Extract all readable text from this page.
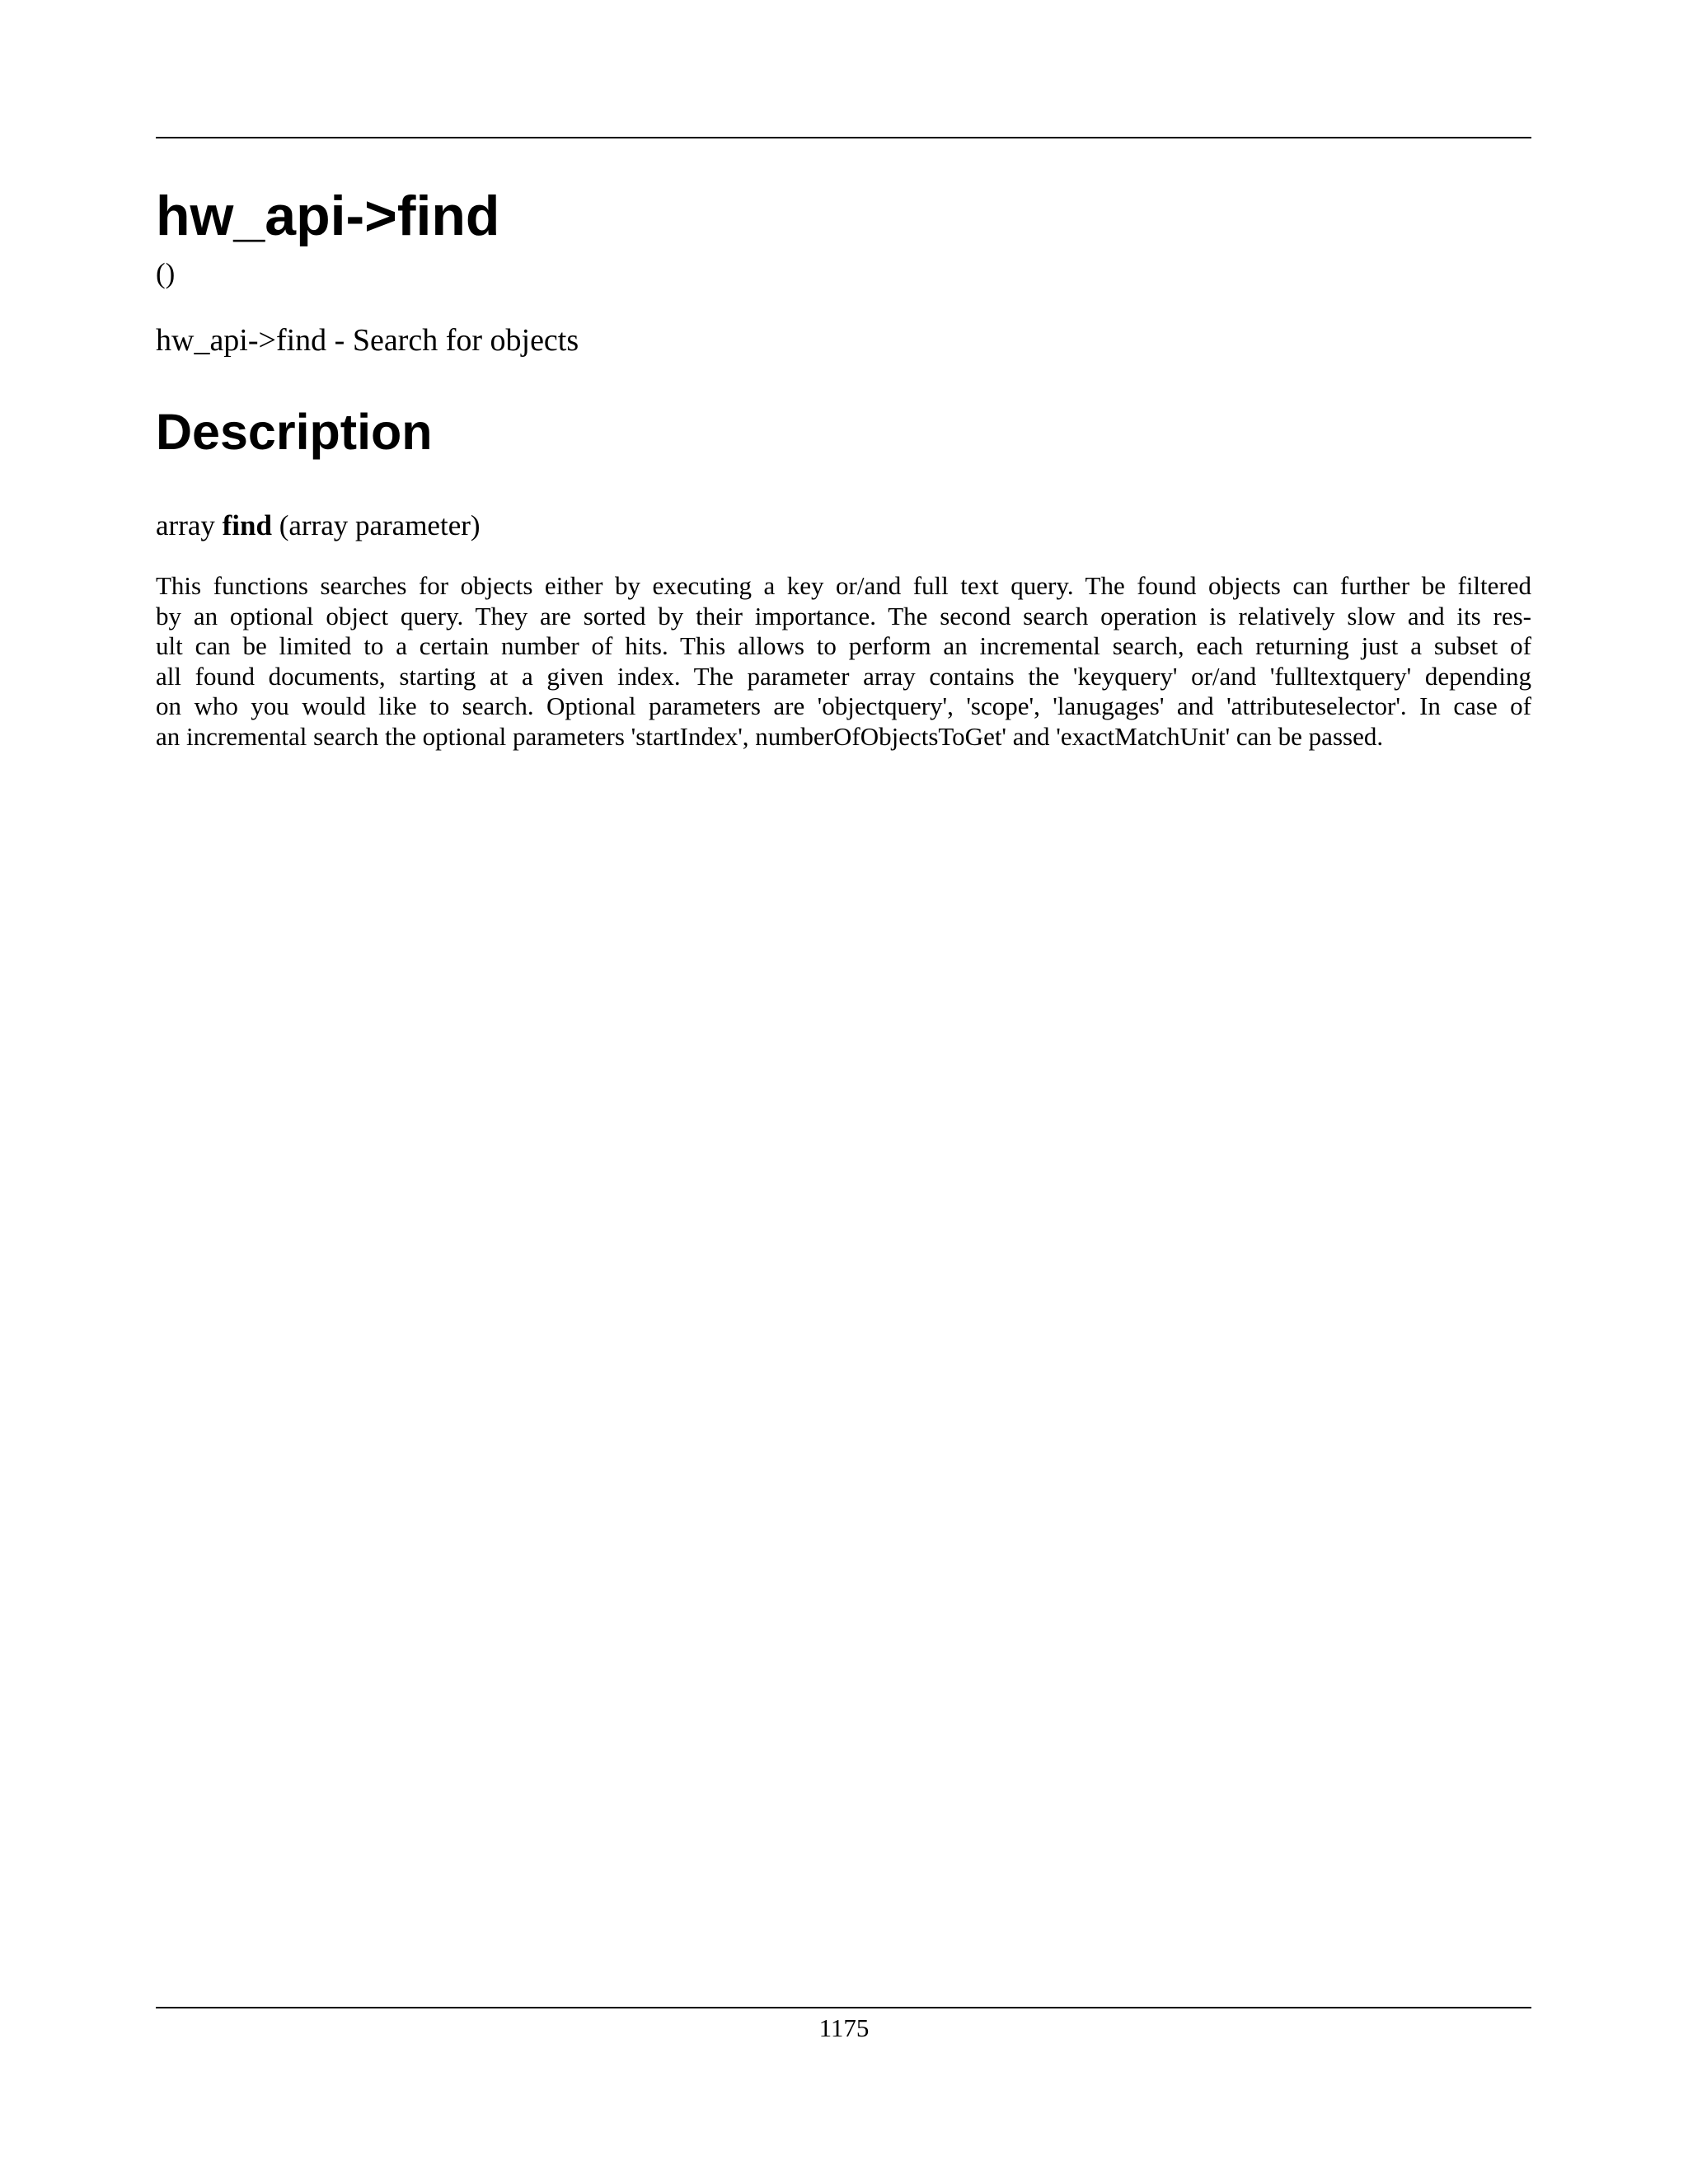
hw_api->find
()
hw_api->find - Search for objects
Description
array find (array parameter)
This functions searches for objects either by executing a key or/and full text query. The found objects can further be filtered
by an optional object query. They are sorted by their importance. The second search operation is relatively slow and its res-
ult can be limited to a certain number of hits. This allows to perform an incremental search, each returning just a subset of
all found documents, starting at a given index. The parameter array contains the 'keyquery' or/and 'fulltextquery' depending
on who you would like to search. Optional parameters are 'objectquery', 'scope', 'lanugages' and 'attributeselector'. In case of
an incremental search the optional parameters 'startIndex', numberOfObjectsToGet' and 'exactMatchUnit' can be passed.
1175
